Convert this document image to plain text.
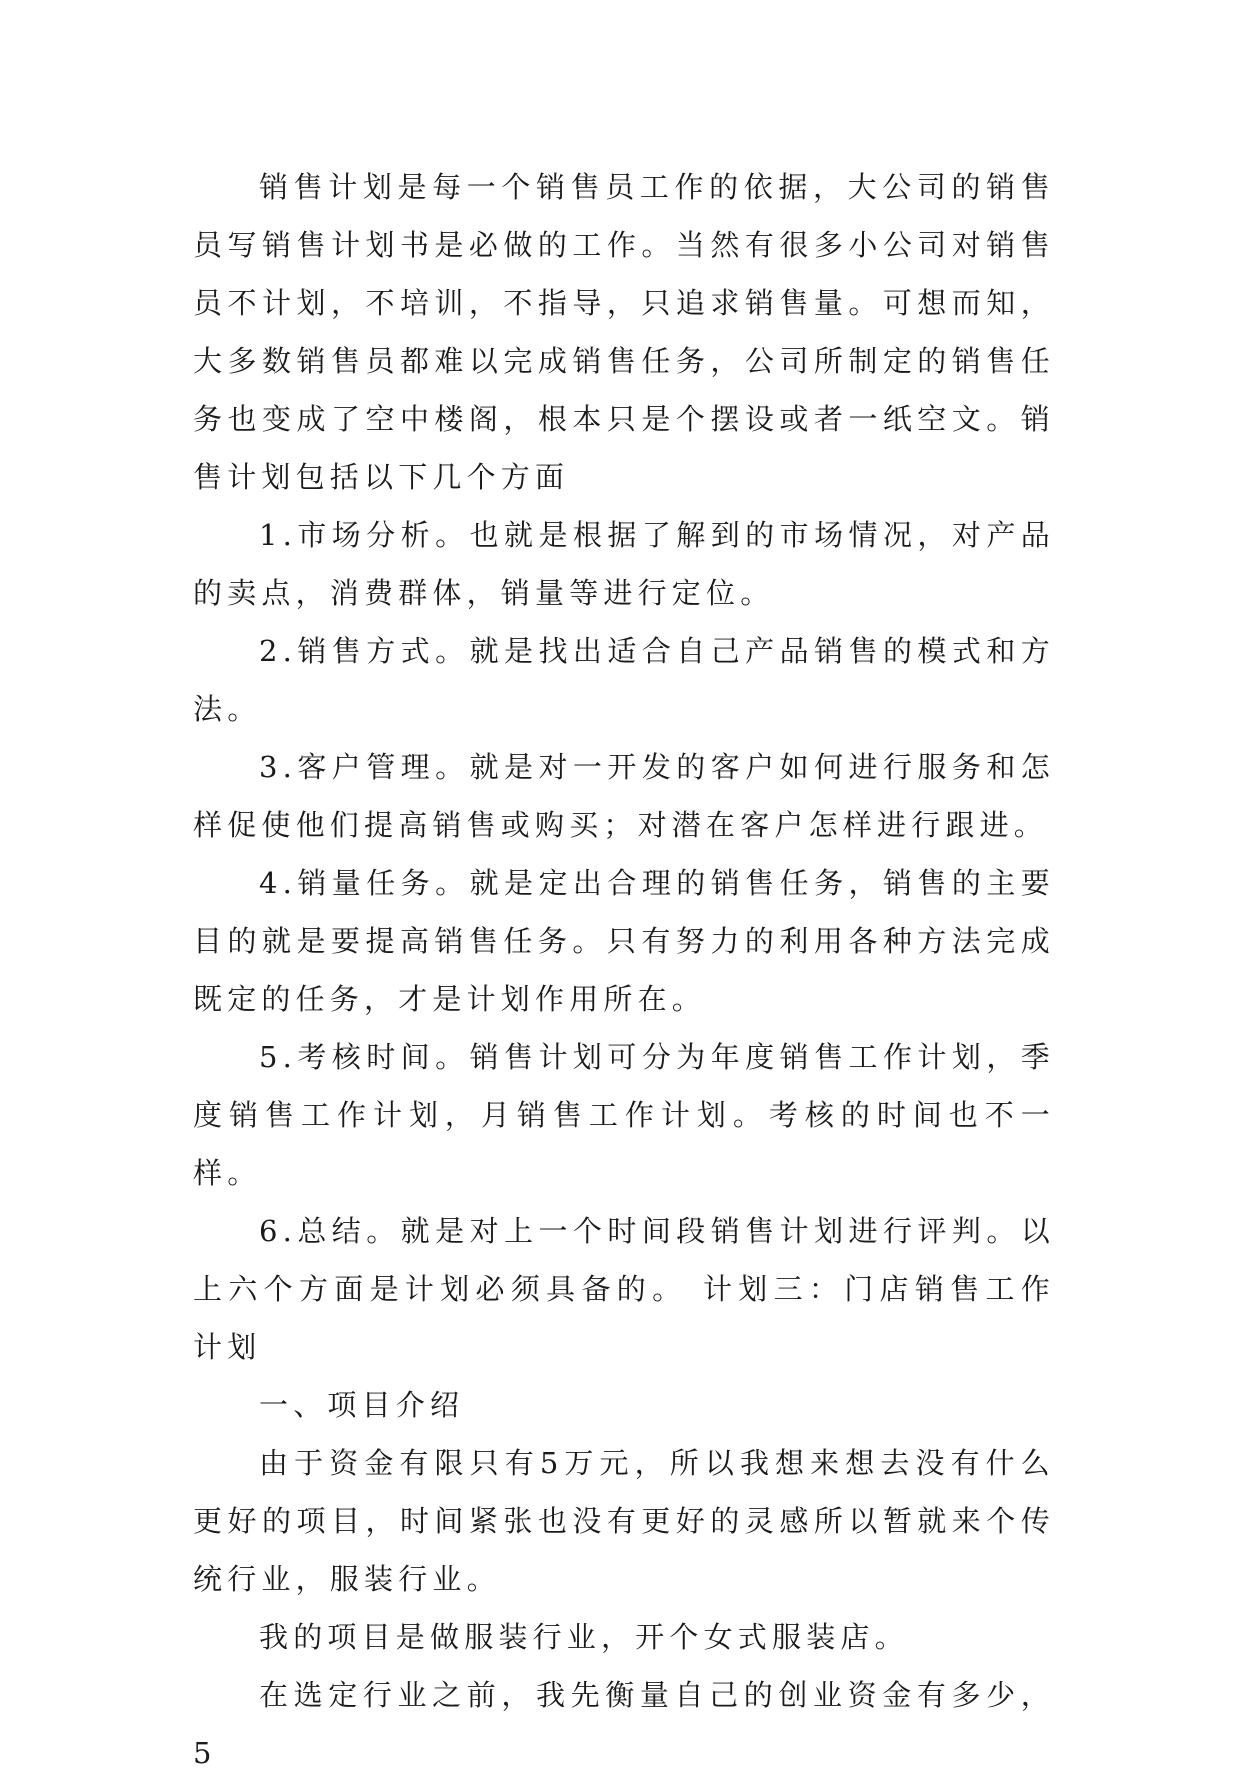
销售计划是每一个销售员工作的依据，大公司的销售员写销售计划书是必做的工作。当然有很多小公司对销售员不计划，不培训，不指导，只追求销售量。可想而知，大多数销售员都难以完成销售任务，公司所制定的销售任务也变成了空中楼阁，根本只是个摆设或者一纸空文。销售计划包括以下几个方面

1.市场分析。也就是根据了解到的市场情况，对产品的卖点，消费群体，销量等进行定位。

2.销售方式。就是找出适合自己产品销售的模式和方法。

3.客户管理。就是对一开发的客户如何进行服务和怎样促使他们提高销售或购买；对潜在客户怎样进行跟进。

4.销量任务。就是定出合理的销售任务，销售的主要目的就是要提高销售任务。只有努力的利用各种方法完成既定的任务，才是计划作用所在。

5.考核时间。销售计划可分为年度销售工作计划，季度销售工作计划，月销售工作计划。考核的时间也不一样。

6.总结。就是对上一个时间段销售计划进行评判。以上六个方面是计划必须具备的。 计划三：门店销售工作计划

一、项目介绍

由于资金有限只有5万元，所以我想来想去没有什么更好的项目，时间紧张也没有更好的灵感所以暂就来个传统行业，服装行业。

我的项目是做服装行业，开个女式服装店。

在选定行业之前，我先衡量自己的创业资金有多少，5
